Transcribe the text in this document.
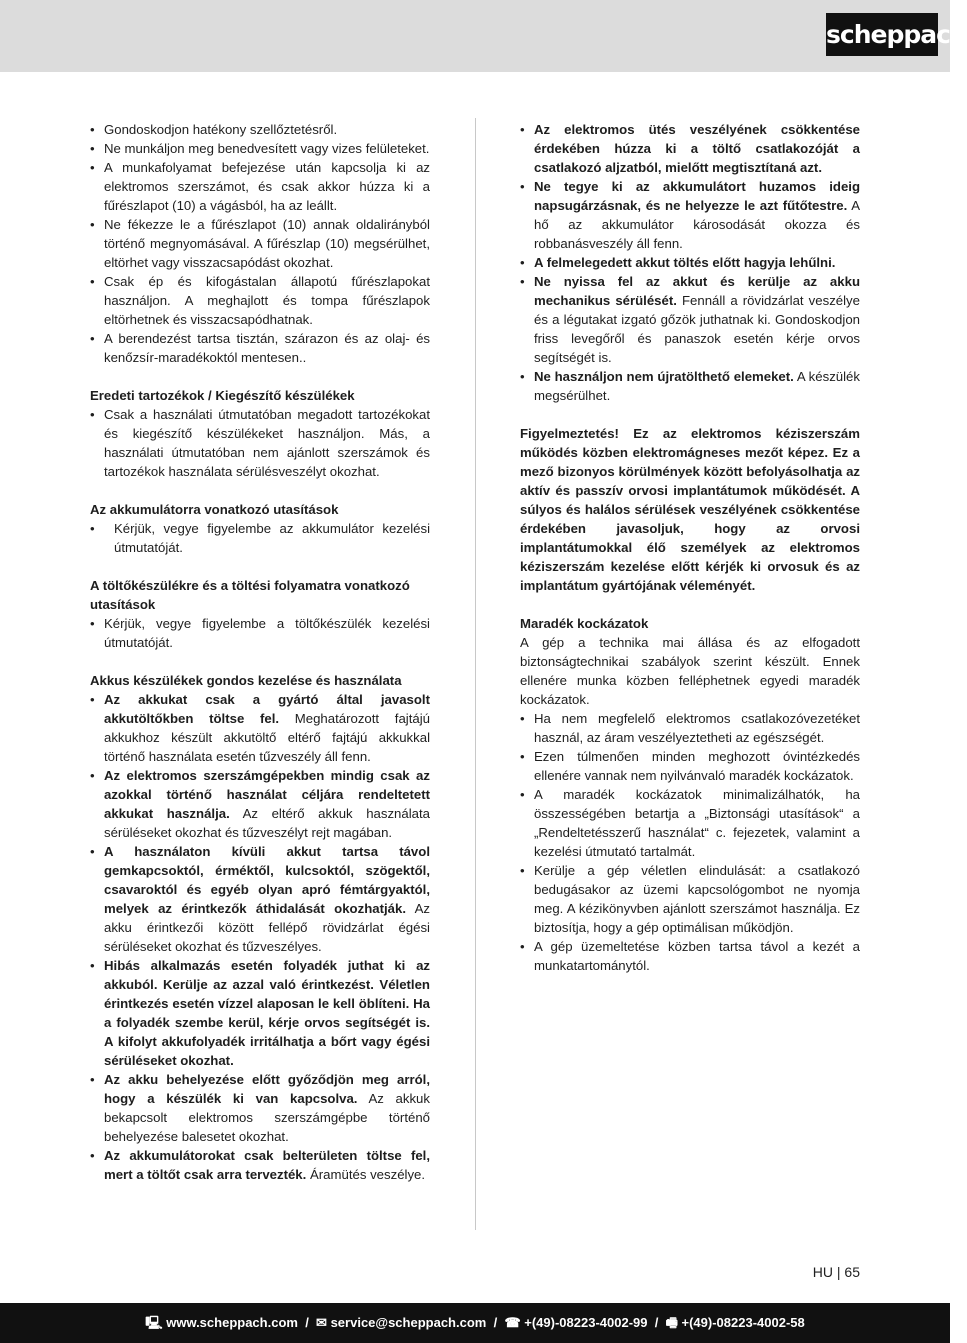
scheppach

• Gondoskodjon hatékony szellőztetésről.

• Ne munkáljon meg benedvesített vagy vizes felületeket.

• A munkafolyamat befejezése után kapcsolja ki az elektromos szerszámot, és csak akkor húzza ki a fűrészlapot (10) a vágásból, ha az leállt.

• Ne fékezze le a fűrészlapot (10) annak oldalirányból történő megnyomásával. A fűrészlap (10) megsérülhet, eltörhet vagy visszacsapódást okozhat.

• Csak ép és kifogástalan állapotú fűrészlapokat használjon. A meghajlott és tompa fűrészlapok eltörhetnek és visszacsapódhatnak.

• A berendezést tartsa tisztán, szárazon és az olaj- és kenőzsír-maradékoktól mentesen..

Eredeti tartozékok / Kiegészítő készülékek

• Csak a használati útmutatóban megadott tartozékokat és kiegészítő készülékeket használjon. Más, a használati útmutatóban nem ajánlott szerszámok és tartozékok használata sérülésveszélyt okozhat.

Az akkumulátorra vonatkozó utasítások

• Kérjük, vegye figyelembe az akkumulátor kezelési útmutatóját.

A töltőkészülékre és a töltési folyamatra vonatkozó utasítások

• Kérjük, vegye figyelembe a töltőkészülék kezelési útmutatóját.

Akkus készülékek gondos kezelése és használata

• Az akkukat csak a gyártó által javasolt akkutöltőkben töltse fel. Meghatározott fajtájú akkukhoz készült akkutöltő eltérő fajtájú akkukkal történő használata esetén tűzveszély áll fenn.

• Az elektromos szerszámgépekben mindig csak az azokkal történő használat céljára rendeltetett akkukat használja. Az eltérő akkuk használata sérüléseket okozhat és tűzveszélyt rejt magában.

• A használaton kívüli akkut tartsa távol gemkapcsoktól, érméktől, kulcsoktól, szögektől, csavaroktól és egyéb olyan apró fémtárgyaktól, melyek az érintkezők áthidalását okozhatják. Az akku érintkezői között fellépő rövidzárlat égési sérüléseket okozhat és tűzveszélyes.

• Hibás alkalmazás esetén folyadék juthat ki az akkuból. Kerülje az azzal való érintkezést. Véletlen érintkezés esetén vízzel alaposan le kell öblíteni. Ha a folyadék szembe kerül, kérje orvos segítségét is. A kifolyt akkufolyadék irritálhatja a bőrt vagy égési sérüléseket okozhat.

• Az akku behelyezése előtt győződjön meg arról, hogy a készülék ki van kapcsolva. Az akkuk bekapcsolt elektromos szerszámgépbe történő behelyezése balesetet okozhat.

• Az akkumulátorokat csak belterületen töltse fel, mert a töltőt csak arra tervezték. Áramütés veszélye.

• Az elektromos ütés veszélyének csökkentése érdekében húzza ki a töltő csatlakozóját a csatlakozó aljzatból, mielőtt megtisztítaná azt.

• Ne tegye ki az akkumulátort huzamos ideig napsugárzásnak, és ne helyezze le azt fűtőtestre. A hő az akkumulátor károsodását okozza és robbanásveszély áll fenn.

• A felmelegedett akkut töltés előtt hagyja lehűlni.

• Ne nyissa fel az akkut és kerülje az akku mechanikus sérülését. Fennáll a rövidzárlat veszélye és a légutakat izgató gőzök juthatnak ki. Gondoskodjon friss levegőről és panaszok esetén kérje orvos segítségét is.

• Ne használjon nem újratölthető elemeket. A készülék megsérülhet.

Figyelmeztetés! Ez az elektromos kéziszerszám működés közben elektromágneses mezőt képez. Ez a mező bizonyos körülmények között befolyásolhatja az aktív és passzív orvosi implantátumok működését. A súlyos és halálos sérülések veszélyének csökkentése érdekében javasoljuk, hogy az orvosi implantátumokkal élő személyek az elektromos kéziszerszám kezelése előtt kérjék ki orvosuk és az implantátum gyártójának véleményét.

Maradék kockázatok

A gép a technika mai állása és az elfogadott biztonságtechnikai szabályok szerint készült. Ennek ellenére munka közben felléphetnek egyedi maradék kockázatok.

• Ha nem megfelelő elektromos csatlakozóvezetéket használ, az áram veszélyeztetheti az egészségét.

• Ezen túlmenően minden meghozott óvintézkedés ellenére vannak nem nyilvánvaló maradék kockázatok.

• A maradék kockázatok minimalizálhatók, ha összességében betartja a „Biztonsági utasítások“ a „Rendeltetésszerű használat“ c. fejezetek, valamint a kezelési útmutató tartalmát.

• Kerülje a gép véletlen elindulását: a csatlakozó bedugásakor az üzemi kapcsológombot ne nyomja meg. A kézikönyvben ajánlott szerszámot használja. Ez biztosítja, hogy a gép optimálisan működjön.

• A gép üzemeltetése közben tartsa távol a kezét a munkatartománytól.

HU | 65
🖳 www.scheppach.com  /  ✉ service@scheppach.com  /  ☎ +(49)-08223-4002-99  /  🖷 +(49)-08223-4002-58
